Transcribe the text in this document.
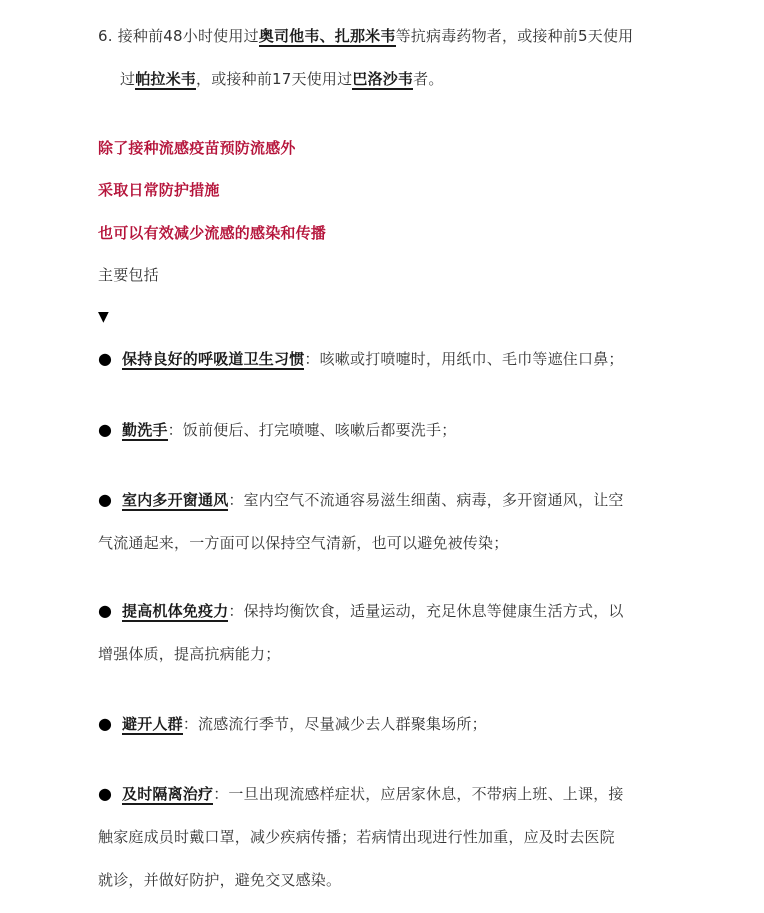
6. 接种前48小时使用过奥司他韦、扎那米韦等抗病毒药物者，或接种前5天使用
过帕拉米韦，或接种前17天使用过巴洛沙韦者。
除了接种流感疫苗预防流感外
采取日常防护措施
也可以有效减少流感的感染和传播
主要包括
▼
● 保持良好的呼吸道卫生习惯：咳嗽或打喷嚏时，用纸巾、毛巾等遮住口鼻；
● 勤洗手：饭前便后、打完喷嚏、咳嗽后都要洗手；
● 室内多开窗通风：室内空气不流通容易滋生细菌、病毒，多开窗通风，让空
气流通起来，一方面可以保持空气清新，也可以避免被传染；
● 提高机体免疫力：保持均衡饮食，适量运动，充足休息等健康生活方式，以
增强体质，提高抗病能力；
● 避开人群：流感流行季节，尽量减少去人群聚集场所；
● 及时隔离治疗：一旦出现流感样症状，应居家休息，不带病上班、上课，接
触家庭成员时戴口罩，减少疾病传播；若病情出现进行性加重，应及时去医院
就诊，并做好防护，避免交叉感染。
